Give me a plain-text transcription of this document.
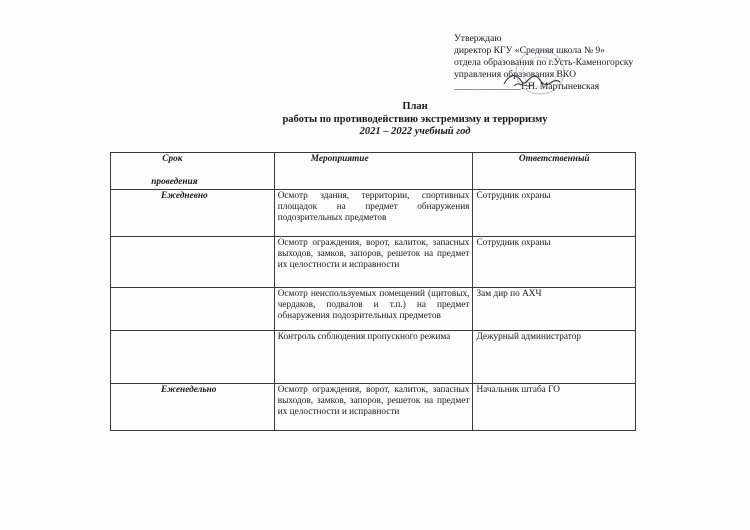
Утверждаю
директор КГУ «Средняя школа № 9»
отдела образования по г.Усть-Каменогорску
управления образования ВКО
______________Г.П. Мартыневская
План
работы по противодействию экстремизму и терроризму
2021 – 2022 учебный год
Срок
проведения	Мероприятие	Ответственный
Ежедневно	Осмотр здания, территории, спортивных площадок на предмет обнаружения подозрительных предметов	Сотрудник охраны
	Осмотр ограждения, ворот, калиток, запасных выходов, замков, запоров, решеток на предмет их целостности и исправности	Сотрудник охраны
	Осмотр неиспользуемых помещений (щитовых, чердаков, подвалов и т.п.) на предмет обнаружения подозрительных предметов	Зам дир по АХЧ
	Контроль соблюдения пропускного режима	Дежурный администратор
Еженедельно	Осмотр ограждения, ворот, калиток, запасных выходов, замков, запоров, решеток на предмет их целостности и исправности	Начальник штаба ГО
